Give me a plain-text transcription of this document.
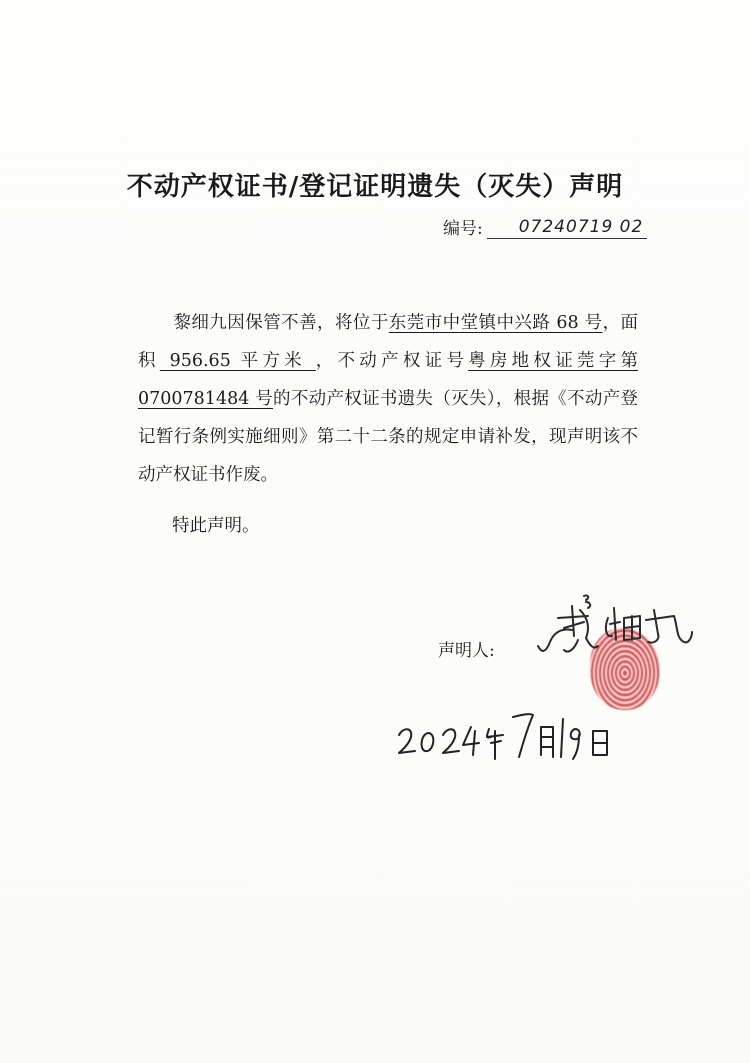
不动产权证书/登记证明遗失（灭失）声明
编号:	07240719 02
黎细九因保管不善，将位于东莞市中堂镇中兴路 68 号，面积 956.65 平方米 ，不动产权证号粤房地权证莞字第 0700781484 号的不动产权证书遗失（灭失），根据《不动产登记暂行条例实施细则》第二十二条的规定申请补发，现声明该不动产权证书作废。
特此声明。
声明人:
